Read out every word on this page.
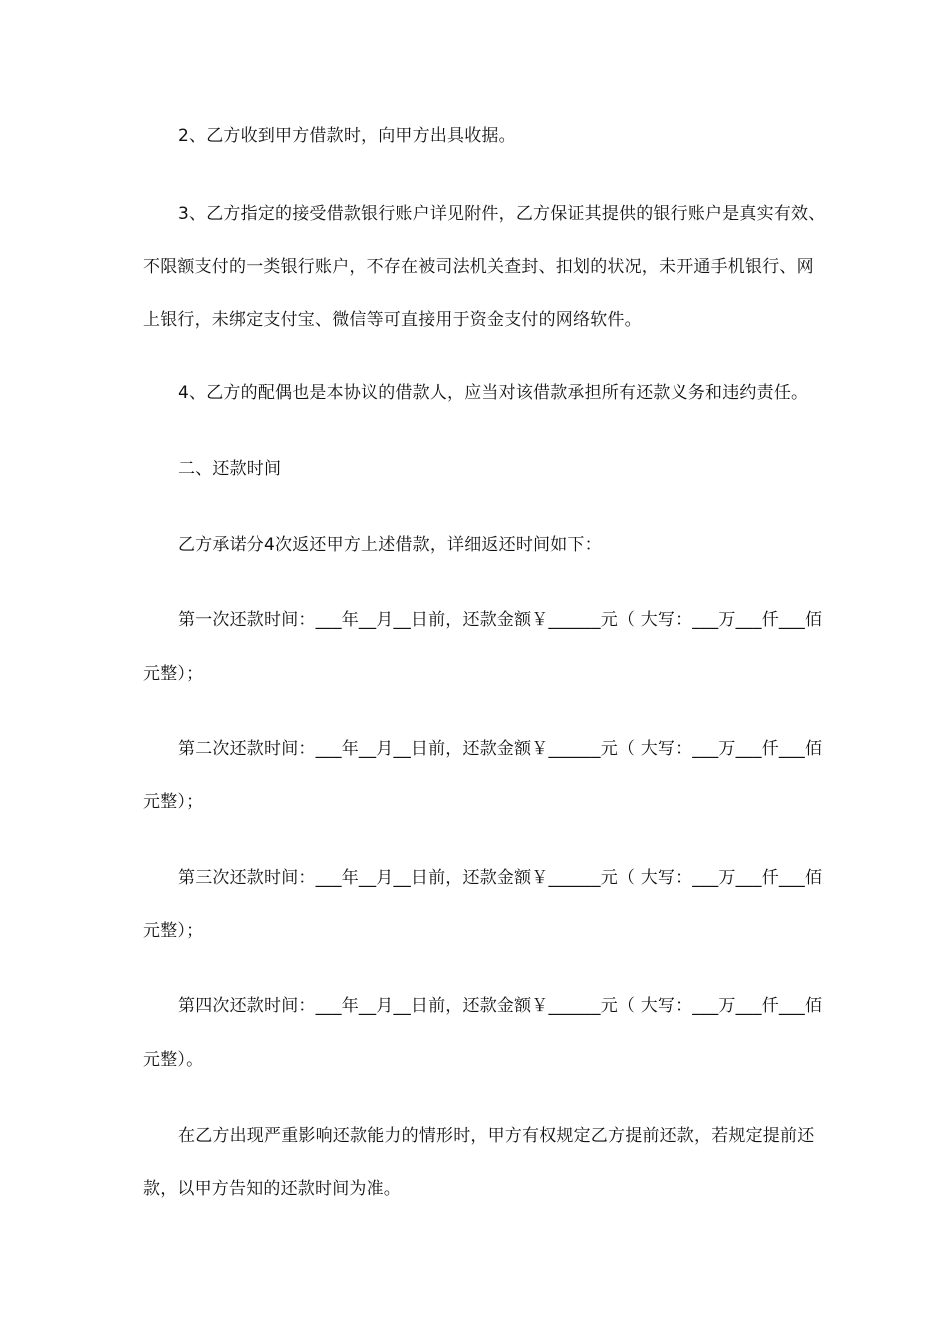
2、乙方收到甲方借款时，向甲方出具收据。
3、乙方指定的接受借款银行账户详见附件，乙方保证其提供的银行账户是真实有效、
不限额支付的一类银行账户，不存在被司法机关查封、扣划的状况，未开通手机银行、网
上银行，未绑定支付宝、微信等可直接用于资金支付的网络软件。
4、乙方的配偶也是本协议的借款人，应当对该借款承担所有还款义务和违约责任。
二、还款时间
乙方承诺分4次返还甲方上述借款，详细返还时间如下：
第一次还款时间：___年__月__日前，还款金额￥______元（ 大写：___万___仟___佰
元整）；
第二次还款时间：___年__月__日前，还款金额￥______元（ 大写：___万___仟___佰
元整）；
第三次还款时间：___年__月__日前，还款金额￥______元（ 大写：___万___仟___佰
元整）；
第四次还款时间：___年__月__日前，还款金额￥______元（ 大写：___万___仟___佰
元整）。
在乙方出现严重影响还款能力的情形时，甲方有权规定乙方提前还款，若规定提前还
款，以甲方告知的还款时间为准。
